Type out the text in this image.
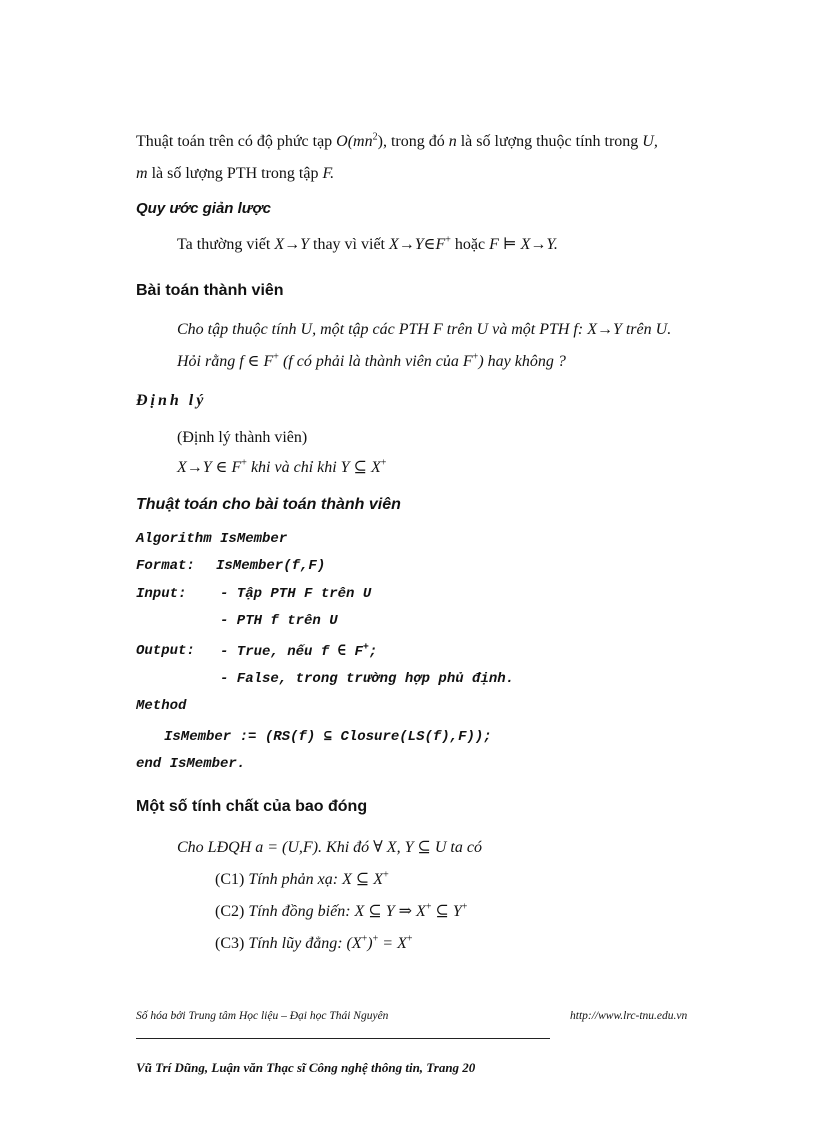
Thuật toán trên có độ phức tạp $O(mn^2)$, trong đó n là số lượng thuộc tính trong U,
m là số lượng PTH trong tập F.
Quy ước giản lược
Ta thường viết X→Y thay vì viết X→Y∈F+ hoặc F ⊨ X→Y.
Bài toán thành viên
Cho tập thuộc tính U, một tập các PTH F trên U và một PTH f: X→Y trên U.
Hỏi rằng f ∈ F+ (f có phải là thành viên của F+) hay không ?
Định lý
(Định lý thành viên)
X→Y ∈ F+ khi và chỉ khi Y ⊆ X+
Thuật toán cho bài toán thành viên
Algorithm IsMember
Format: IsMember(f,F)
Input: - Tập PTH F trên U
- PTH f trên U
Output: - True, nếu f ∈ F+;
- False, trong trường hợp phủ định.
Method
IsMember := (RS(f) ⊆ Closure(LS(f),F));
end IsMember.
Một số tính chất của bao đóng
Cho LĐQH a = (U,F). Khi đó ∀ X, Y ⊆ U ta có
(C1) Tính phản xạ: X ⊆ X+
(C2) Tính đồng biến: X ⊆ Y ⇒ X+ ⊆ Y+
(C3) Tính lũy đẳng: (X+)+ = X+
Số hóa bởi Trung tâm Học liệu – Đại học Thái Nguyên	http://www.lrc-tnu.edu.vn
Vũ Trí Dũng, Luận văn Thạc sĩ Công nghệ thông tin, Trang 20
